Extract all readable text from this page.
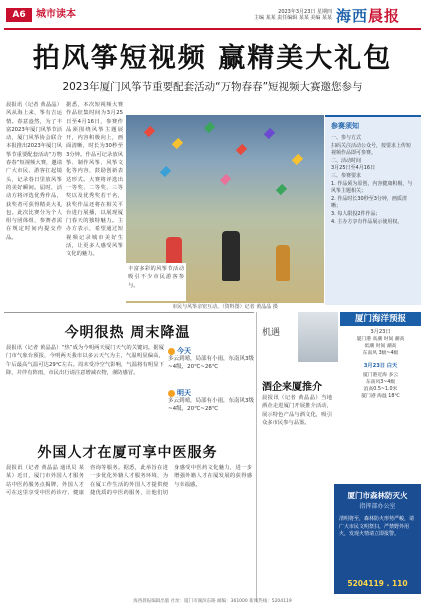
A6	城市读本	2023年3月23日 星期四
主编 某某 责任编辑 某某 美编 某某 海西晨报
拍风筝短视频 赢精美大礼包
2023年厦门风筝节重要配套活动“万物春春”短视频大赛邀您参与
晨报讯（记者 黄晶晶）风从海上来，筝有吉运情。春意盎然，为了丰富2023年厦门风筝节活动，厦门风筝协会联合本报推出2023年厦门风筝节重要配套活动“万物春春”短视频大赛，邀请广大市民、游客扛起镜头，记录春日里放风筝的美好瞬间。届时，活动方将评选优秀作品，获奖者可获得精美大礼包。此次比赛分为个人组与团体组，参赛者需在规定时间内提交作品。
据悉，本次短视频大赛作品征集时间为3月25日至4月16日，参赛作品须围绕风筝主题展开，内容积极向上，画面清晰，时长为30秒至3分钟。作品可记录放风筝、制作风筝、风筝文化等内容，鼓励创新表达形式。大赛将评选出一等奖、二等奖、三等奖以及优秀奖若干名，获奖作品还将在相关平台进行展播，以展现厦门春天的独特魅力。主办方表示，希望通过短视频记录城市美好生活，让更多人感受风筝文化的魅力。
丰富多彩的风筝节活动吸引不少市民游客参与。
市民与风筝亲密互动。（资料图）记者 黄晶晶 摄
参赛须知
一、参与方式
扫码关注活动公众号，按要求上传短视频作品即可参赛。
二、活动时间
3月25日至4月16日
三、参赛要求
1. 作品须为原创，内容健康积极，与风筝主题相关；
2. 作品时长30秒至3分钟，画质清晰；
3. 每人限投2件作品；
4. 主办方享有作品展示使用权。
今明很热 周末降温
晨报讯（记者 黄晶晶）“热”成为今明两天厦门天气的关键词。据厦门市气象台预报，今明两天我市以多云天气为主，气温明显偏高，午后最高气温可达29℃左右。周末受冷空气影响，气温将有明显下降，并伴有阵雨，市民出行请注意增减衣物，谨防感冒。
今天
多云到晴，局部有小雨，东南风3级~4级，20℃~26℃
明天
多云到晴，局部有小雨，东南风3级~4级，20℃~28℃
外国人才在厦可享中医服务
晨报讯（记者 黄晶晶 通讯员 某某）近日，厦门市外国人才服务站中医药服务点揭牌，外国人才可在这里享受中医药诊疗、健康咨询等服务。据悉，此举旨在进一步优化外籍人才服务环境，为在厦工作生活的外国人才提供便捷优质的中医药服务，让他们切身感受中医药文化魅力，进一步增强外籍人才在厦发展的获得感与幸福感。
机遇
酒企来厦推介
晨报讯（记者 黄晶晶）当地酒企走进厦门开展推介活动，展示特色产品与酒文化，吸引众多市民参与品鉴。
厦门海洋预报
3月23日
厦门港 高潮 时间 潮高
低潮 时间 潮高
东南风 3级~4级
3月23日 白天
厦门港近海 多云
东南风3~4级
浪高0.5~1.0米
厦门港 海温 18℃
厦门市森林防灭火
指挥部办公室
清明将至，森林防火形势严峻，请广大市民文明祭扫，严禁野外用火，发现火情请立即报警。
5204119 . 110
海西晨报编辑出版 社址：厦门市湖滨东路 邮编：361000 新闻热线：5204119
